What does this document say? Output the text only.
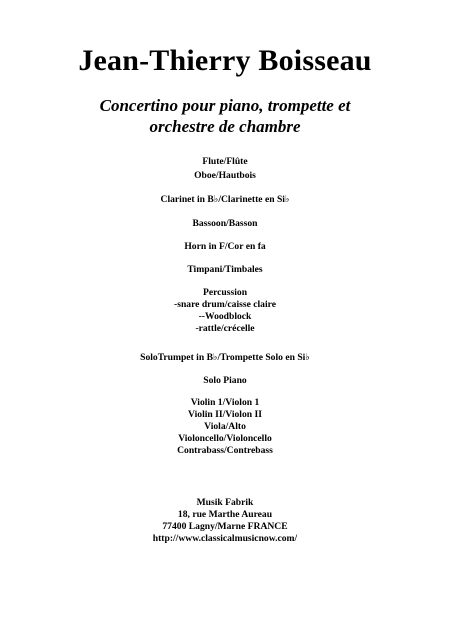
Jean-Thierry Boisseau
Concertino pour piano, trompette et
orchestre de chambre
Flute/Flûte
Oboe/Hautbois
Clarinet in B♭/Clarinette en Si♭
Bassoon/Basson
Horn in F/Cor en fa
Timpani/Timbales
Percussion
-snare drum/caisse claire
--Woodblock
-rattle/crécelle
SoloTrumpet in B♭/Trompette Solo en Si♭
Solo Piano
Violin 1/Violon 1
Violin II/Violon II
Viola/Alto
Violoncello/Violoncello
Contrabass/Contrebass
Musik Fabrik
18, rue Marthe Aureau
77400 Lagny/Marne FRANCE
http://www.classicalmusicnow.com/
